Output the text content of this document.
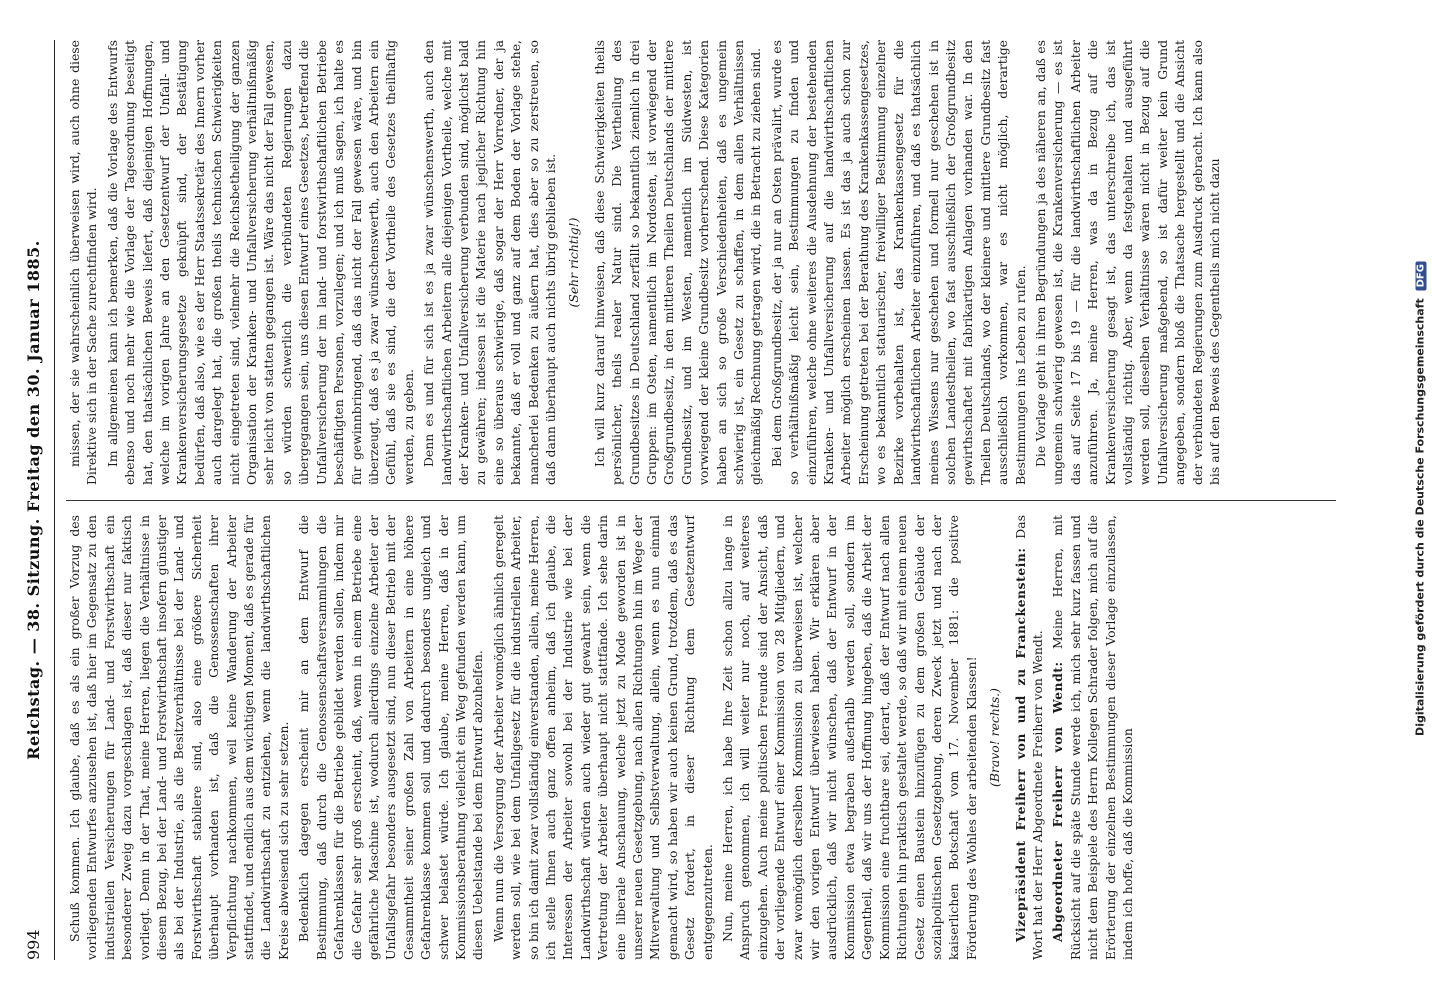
994
Reichstag. — 38. Sitzung. Freitag den 30. Januar 1885. Schuß kommen. Ich glaube, daß es als ein großer Vorzug des vorliegenden Entwurfes anzusehen ist, daß hier im Gegensatz zu den industriellen Versicherungen für Land- und Forstwirthschaft ein besonderer Zweig dazu vorgeschlagen ist, daß dieser nur faktisch vorliegt. Denn in der That, meine Herren, liegen die Verhältnisse in diesem Bezug, bei der Land- und Forstwirthschaft insofern günstiger als bei der Industrie, als die Besitzverhältnisse bei der Land- und Forstwirthschaft stabilere sind, also eine größere Sicherheit überhaupt vorhanden ist, daß die Genossenschaften ihrer Verpflichtung nachkommen, weil keine Wanderung der Arbeiter stattfindet, und endlich aus dem wichtigen Moment, daß es gerade für die Landwirthschaft zu entziehen, wenn die landwirthschaftlichen Kreise abweisend sich zu sehr setzen. Bedenklich dagegen erscheint mir an dem Entwurf die Bestimmung, daß durch die Genossenschaftsversammlungen die Gefahrenklassen für die Betriebe gebildet werden sollen, indem mir die Gefahr sehr groß erscheint, daß, wenn in einem Betriebe eine gefährliche Maschine ist, wodurch allerdings einzelne Arbeiter der Unfallsgefahr besonders ausgesetzt sind, nun dieser Betrieb mit der Gesammtheit seiner großen Zahl von Arbeitern in eine höhere Gefahrenklasse kommen soll und dadurch besonders ungleich und schwer belastet würde. Ich glaube, meine Herren, daß in der Kommissionsberathung vielleicht ein Weg gefunden werden kann, um diesen Uebelstande bei dem Entwurf abzuhelfen. Wenn nun die Versorgung der Arbeiter womöglich ähnlich geregelt werden soll, wie bei dem Unfallgesetz für die industriellen Arbeiter, so bin ich damit zwar vollständig einverstanden, allein, meine Herren, ich stelle Ihnen auch ganz offen anheim, daß ich glaube, die Interessen der Arbeiter sowohl bei der Industrie wie bei der Landwirthschaft würden auch wieder gut gewahrt sein, wenn die Vertretung der Arbeiter überhaupt nicht stattfände. Ich sehe darin eine liberale Anschauung, welche jetzt zu Mode geworden ist in unserer neuen Gesetzgebung, nach allen Richtungen hin im Wege der Mitverwaltung und Selbstverwaltung, allein, wenn es nun einmal gemacht wird, so haben wir auch keinen Grund, trotzdem, daß es das Gesetz fordert, in dieser Richtung dem Gesetzentwurf entgegenzutreten. Nun, meine Herren, ich habe Ihre Zeit schon allzu lange in Anspruch genommen, ich will weiter nur noch, auf weiteres einzugehen. Auch meine politischen Freunde sind der Ansicht, daß der vorliegende Entwurf einer Kommission von 28 Mitgliedern, und zwar womöglich derselben Kommission zu überweisen ist, welcher wir den vorigen Entwurf überwiesen haben. Wir erklären aber ausdrücklich, daß wir nicht wünschen, daß der Entwurf in der Kommission etwa begraben außerhalb werden soll, sondern im Gegentheil, daß wir uns der Hoffnung hingeben, daß die Arbeit der Kommission eine fruchtbare sei, derart, daß der Entwurf nach allen Richtungen hin praktisch gestaltet werde, so daß wir mit einem neuen Gesetz einen Baustein hinzufügen zu dem großen Gebäude der sozialpolitischen Gesetzgebung, deren Zweck jetzt und nach der kaiserlichen Botschaft vom 17. November 1881: die positive Förderung des Wohles der arbeitenden Klassen! (Bravo! rechts.) Vizepräsident Freiherr von und zu Franckenstein: Das Wort hat der Herr Abgeordnete Freiherr von Wendt. Abgeordneter Freiherr von Wendt: Meine Herren, mit Rücksicht auf die späte Stunde werde ich, mich sehr kurz fassen und nicht dem Beispiele des Herrn Kollegen Schrader folgen, mich auf die Erörterung der einzelnen Bestimmungen dieser Vorlage einzulassen, indem ich hoffe, daß die Kommission

missen, der sie wahrscheinlich überweisen wird, auch ohne diese Direktive sich in der Sache zurechtfinden wird. Im allgemeinen kann ich bemerken, daß die Vorlage des Entwurfs ebenso und noch mehr wie die Vorlage der Tagesordnung beseitigt hat, den thatsächlichen Beweis liefert, daß diejenigen Hoffnungen, welche im vorigen Jahre an den Gesetzentwurf der Unfall- und Krankenversicherungsgesetze geknüpft sind, der Bestätigung bedürfen, daß also, wie es der Herr Staatssekretär des Innern vorher auch dargelegt hat, die großen theils technischen Schwierigkeiten nicht eingetreten sind, vielmehr die Reichsbetheiligung der ganzen Organisation der Kranken- und Unfallversicherung verhältnißmäßig sehr leicht von statten gegangen ist. Wäre das nicht der Fall gewesen, so würden schwerlich die verbündeten Regierungen dazu übergegangen sein, uns diesen Entwurf eines Gesetzes, betreffend die Unfallversicherung der im land- und forstwirthschaftlichen Betriebe beschäftigten Personen, vorzulegen; und ich muß sagen, ich halte es für gewinnbringend, daß das nicht der Fall gewesen wäre, und bin überzeugt, daß es ja zwar wünschenswerth, auch den Arbeitern ein Gefühl, daß sie es sind, die der Vortheile des Gesetzes theilhaftig werden, zu geben. Denn es und für sich ist es ja zwar wünschenswerth, auch den landwirthschaftlichen Arbeitern alle diejenigen Vortheile, welche mit der Kranken- und Unfallversicherung verbunden sind, möglichst bald zu gewähren; indessen ist die Materie nach jeglicher Richtung hin eine so überaus schwierige, daß sogar der Herr Vorredner, der ja bekannte, daß er voll und ganz auf dem Boden der Vorlage stehe, mancherlei Bedenken zu äußern hat, dies aber so zu zerstreuen, so daß dann überhaupt auch nichts übrig geblieben ist. (Sehr richtig!) Ich will kurz darauf hinweisen, daß diese Schwierigkeiten theils persönlicher, theils realer Natur sind. Die Vertheilung des Grundbesitzes in Deutschland zerfällt so bekanntlich ziemlich in drei Gruppen: im Osten, namentlich im Nordosten, ist vorwiegend der Großgrundbesitz, in den mittleren Theilen Deutschlands der mittlere Grundbesitz, und im Westen, namentlich im Südwesten, ist vorwiegend der kleine Grundbesitz vorherrschend. Diese Kategorien haben an sich so große Verschiedenheiten, daß es ungemein schwierig ist, ein Gesetz zu schaffen, in dem allen Verhältnissen gleichmäßig Rechnung getragen wird, die in Betracht zu ziehen sind. Bei dem Großgrundbesitz, der ja nur an Osten prävalirt, wurde es so verhältnißmäßig leicht sein, Bestimmungen zu finden und einzuführen, welche ohne weiteres die Ausdehnung der bestehenden Kranken- und Unfallversicherung auf die landwirthschaftlichen Arbeiter möglich erscheinen lassen. Es ist das ja auch schon zur Erscheinung getreten bei der Berathung des Krankenkassengesetzes, wo es bekanntlich statuarischer, freiwilliger Bestimmung einzelner Bezirke vorbehalten ist, das Krankenkassengesetz für die landwirthschaftlichen Arbeiter einzuführen, und daß es thatsächlich meines Wissens nur geschehen und formell nur geschehen ist in solchen Landestheilen, wo fast ausschließlich der Großgrundbesitz gewirthschaftet mit fabrikartigen Anlagen vorhanden war. In den Theilen Deutschlands, wo der kleinere und mittlere Grundbesitz fast ausschließlich vorkommen, war es nicht möglich, derartige Bestimmungen ins Leben zu rufen. Die Vorlage geht in ihren Begründungen ja des näheren an, daß es ungemein schwierig gewesen ist, die Krankenversicherung — es ist das auf Seite 17 bis 19 — für die landwirthschaftlichen Arbeiter anzuführen. Ja, meine Herren, was da in Bezug auf die Krankenversicherung gesagt ist, das unterschreibe ich, das ist vollständig richtig. Aber, wenn da festgehalten und ausgeführt werden soll, dieselben Verhältnisse wären nicht in Bezug auf die Unfallversicherung maßgebend, so ist dafür weiter kein Grund angegeben, sondern bloß die Thatsache hergestellt und die Ansicht der verbündeten Regierungen zum Ausdruck gebracht. Ich kann also bis auf den Beweis des Gegentheils mich nicht dazu	Digitalisierung gefördert durch die Deutsche Forschungsgemeinschaft DFG
